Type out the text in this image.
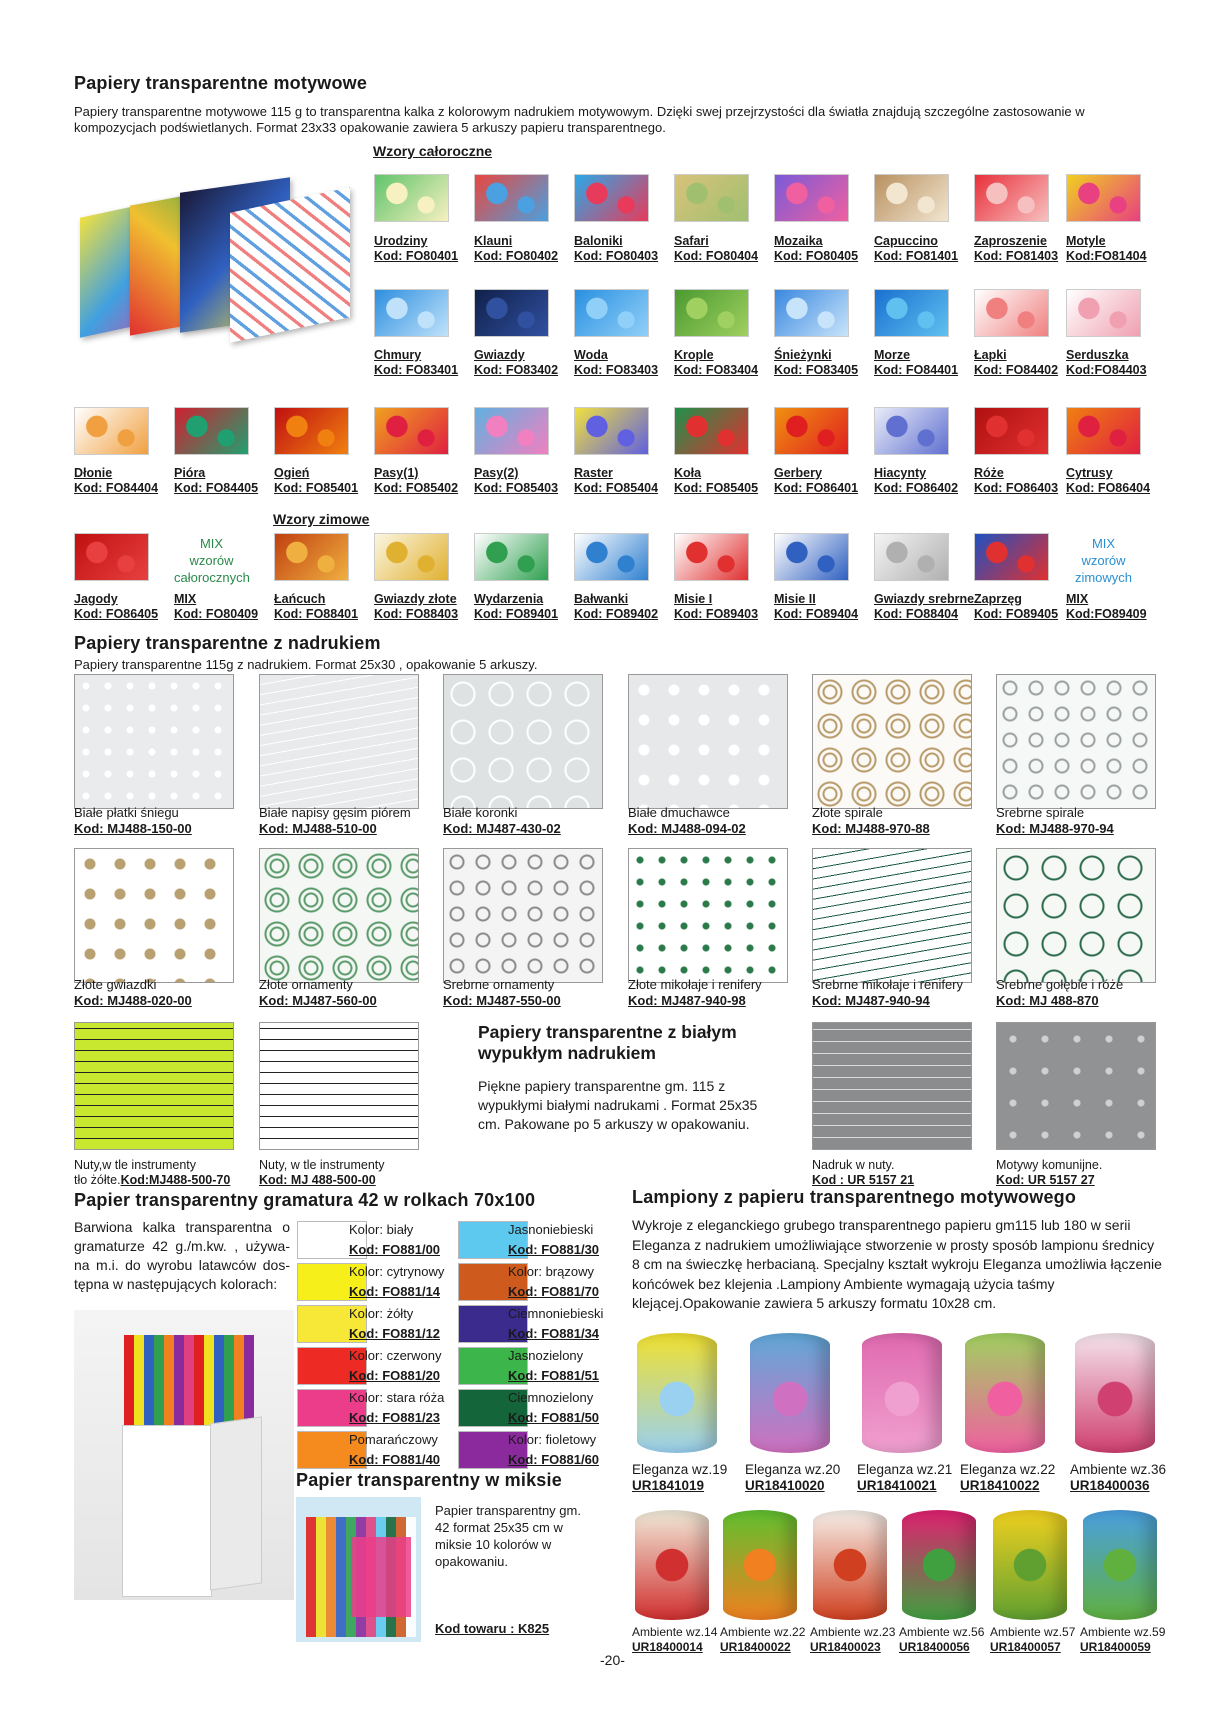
Papiery transparentne motywowe

Papiery transparentne motywowe 115 g to transparentna kalka z kolorowym nadrukiem motywowym. Dzięki swej przejrzystości dla światła znajdują szczególne zastosowanie w kompozycjach podświetlanych. Format 23x33 opakowanie zawiera 5 arkuszy papieru transparentnego.

Wzory całoroczne
Wzory zimowe
Urodziny
Kod: FO80401
Klauni
Kod: FO80402
Baloniki
Kod: FO80403
Safari
Kod: FO80404
Mozaika
Kod: FO80405
Capuccino
Kod: FO81401
Zaproszenie
Kod: FO81403
Motyle
Kod:FO81404
Chmury
Kod: FO83401
Gwiazdy
Kod: FO83402
Woda
Kod: FO83403
Krople
Kod: FO83404
Śnieżynki
Kod: FO83405
Morze
Kod: FO84401
Łapki
Kod: FO84402
Serduszka
Kod:FO84403
Dłonie
Kod: FO84404
Pióra
Kod: FO84405
Ogień
Kod: FO85401
Pasy(1)
Kod: FO85402
Pasy(2)
Kod: FO85403
Raster
Kod: FO85404
Koła
Kod: FO85405
Gerbery
Kod: FO86401
Hiacynty
Kod: FO86402
Róże
Kod: FO86403
Cytrusy
Kod: FO86404
Jagody
Kod: FO86405
MIX
wzorów
całorocznych
MIX
Kod: FO80409
Łańcuch
Kod: FO88401
Gwiazdy złote
Kod: FO88403
Wydarzenia
Kod: FO89401
Bałwanki
Kod: FO89402
Misie I
Kod: FO89403
Misie II
Kod: FO89404
Gwiazdy srebrne
Kod: FO88404
Zaprzęg
Kod: FO89405
MIX
wzorów
zimowych
MIX
Kod:FO89409
Papiery transparentne z nadrukiem

Papiery transparentne 115g z nadrukiem. Format 25x30 , opakowanie 5 arkuszy.

Białe płatki śniegu
Kod: MJ488-150-00
Białe napisy gęsim piórem
Kod: MJ488-510-00
Białe koronki
Kod: MJ487-430-02
Białe dmuchawce
Kod: MJ488-094-02
Złote spirale
Kod: MJ488-970-88
Srebrne spirale
Kod: MJ488-970-94
Złote gwiazdki
Kod: MJ488-020-00
Złote ornamenty
Kod: MJ487-560-00
Srebrne ornamenty
Kod: MJ487-550-00
Złote mikołaje i renifery
Kod: MJ487-940-98
Srebrne mikołaje i renifery
Kod: MJ487-940-94
Srebrne gołębie i róże
Kod: MJ 488-870
Nuty,w tle instrumenty
tło żółte.Kod:MJ488-500-70
Nuty, w tle instrumenty
Kod: MJ 488-500-00
Papiery transparentne z białym
wypukłym nadrukiem

Piękne papiery transparentne gm. 115 z wypukłymi białymi nadrukami . Format 25x35 cm. Pakowane po 5 arkuszy w opakowaniu.

Nadruk w nuty.
Kod : UR 5157 21
Motywy komunijne.
Kod: UR 5157 27
Papier transparentny gramatura 42 w rolkach 70x100

Barwiona kalka transparentna o gramaturze 42 g./m.kw. , używa-na m.i. do wyrobu latawców dos-tępna w następujących kolorach:

Kolor: biały
Kod: FO881/00
Kolor: cytrynowy
Kod: FO881/14
Kolor: żółty
Kod: FO881/12
Kolor: czerwony
Kod: FO881/20
Kolor: stara róża
Kod: FO881/23
Pomarańczowy
Kod: FO881/40
Jasnoniebieski
Kod: FO881/30
Kolor: brązowy
Kod: FO881/70
Ciemnoniebieski
Kod: FO881/34
Jasnozielony
Kod: FO881/51
Ciemnozielony
Kod: FO881/50
Kolor: fioletowy
Kod: FO881/60
Papier transparentny w miksie

Papier transparentny gm. 42 format 25x35 cm w miksie 10 kolorów w opakowaniu.

Kod towaru : K825
Lampiony z papieru transparentnego motywowego

Wykroje z eleganckiego grubego transparentnego papieru gm115 lub 180 w serii Eleganza z nadrukiem umożliwiające stworzenie w prosty sposób lampionu średnicy 8 cm na świeczkę herbacianą. Specjalny kształt wykroju Eleganza umożliwia łączenie końcówek bez klejenia .Lampiony Ambiente wymagają użycia taśmy klejącej.Opakowanie zawiera 5 arkuszy formatu 10x28 cm.

Eleganza wz.19
UR1841019
Eleganza wz.20
UR18410020
Eleganza wz.21
UR18410021
Eleganza wz.22
UR18410022
Ambiente wz.36
UR18400036
Ambiente wz.14
UR18400014
Ambiente wz.22
UR18400022
Ambiente wz.23
UR18400023
Ambiente wz.56
UR18400056
Ambiente wz.57
UR18400057
Ambiente wz.59
UR18400059
-20-
